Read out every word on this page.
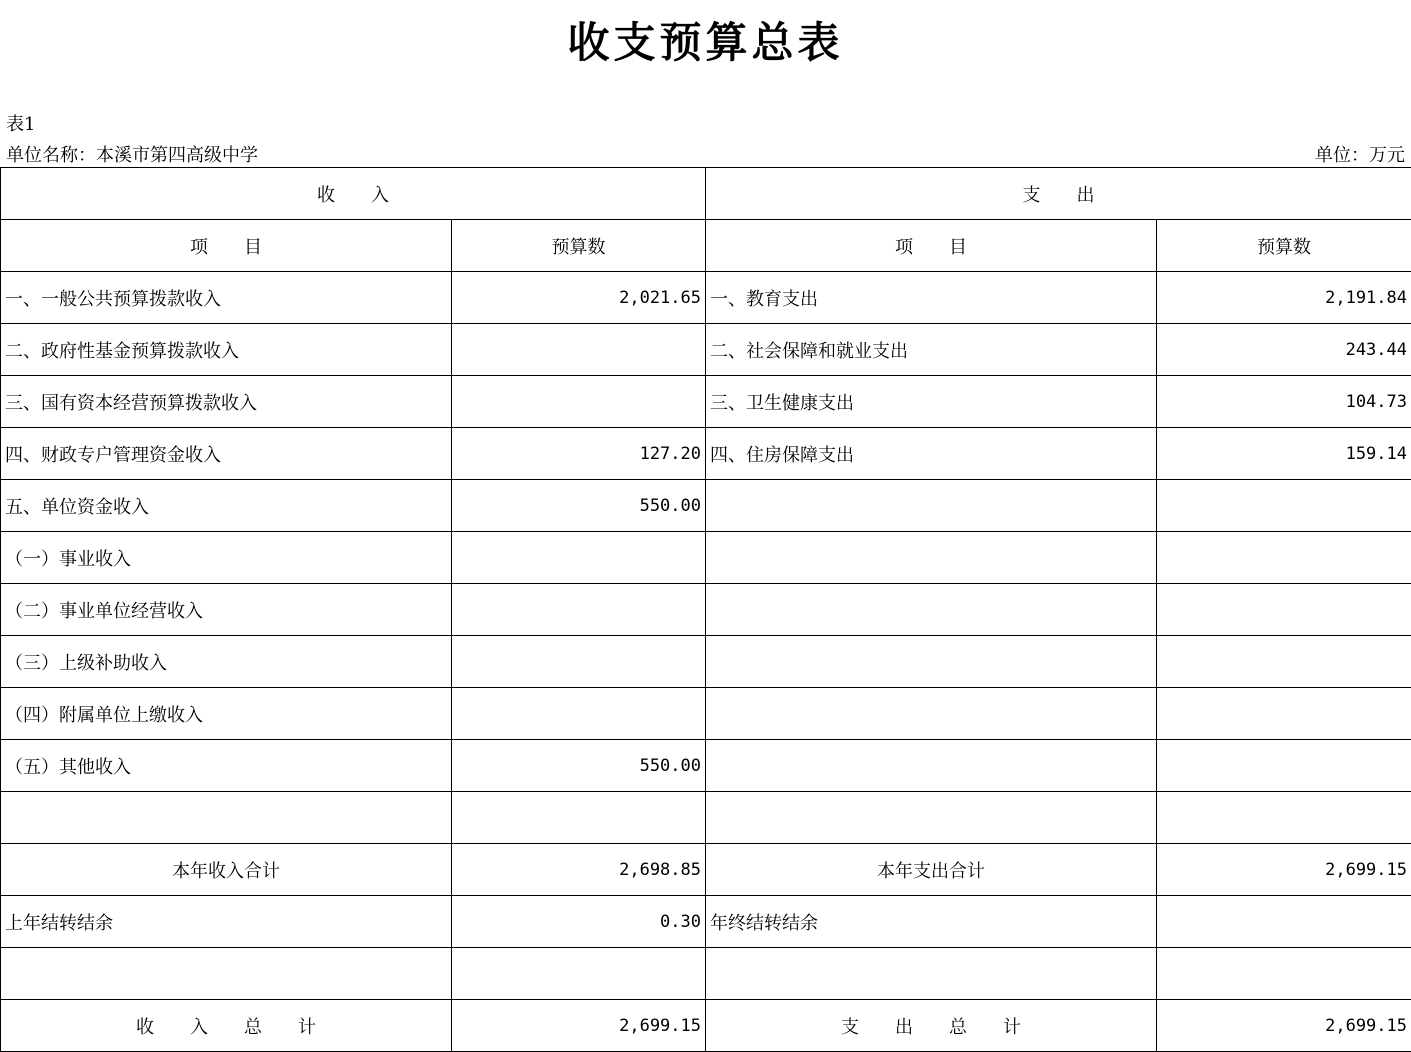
收支预算总表
表1
单位名称：本溪市第四高级中学	单位：万元
收　　入		支　　出	
项　　目	预算数	项　　目	预算数
一、一般公共预算拨款收入	2,021.65	一、教育支出	2,191.84
二、政府性基金预算拨款收入		二、社会保障和就业支出	243.44
三、国有资本经营预算拨款收入		三、卫生健康支出	104.73
四、财政专户管理资金收入	127.20	四、住房保障支出	159.14
五、单位资金收入	550.00		
（一）事业收入			
（二）事业单位经营收入			
（三）上级补助收入			
（四）附属单位上缴收入			
（五）其他收入	550.00		

本年收入合计	2,698.85	本年支出合计	2,699.15
上年结转结余	0.30	年终结转结余	

收　　入　　总　　计	2,699.15	支　　出　　总　　计	2,699.15
